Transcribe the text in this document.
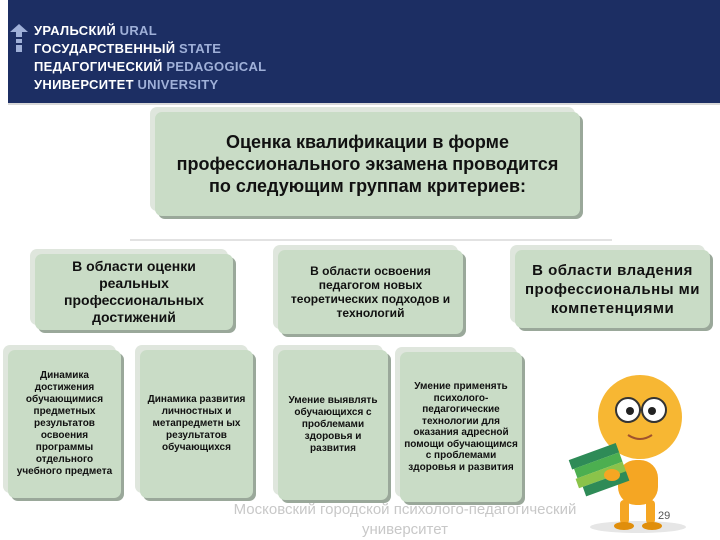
УРАЛЬСКИЙ URAL
ГОСУДАРСТВЕННЫЙ STATE
ПЕДАГОГИЧЕСКИЙ PEDAGOGICAL
УНИВЕРСИТЕТ UNIVERSITY
Оценка квалификации в форме профессионального экзамена проводится по следующим группам критериев:
В области оценки реальных профессиональных достижений
В области освоения педагогом новых теоретических подходов и технологий
В области владения профессиональны ми компетенциями
Динамика достижения обучающимися предметных результатов освоения программы отдельного учебного предмета
Динамика развития личностных и метапредметн ых результатов обучающихся
Умение выявлять обучающихся с проблемами здоровья и развития
Умение применять психолого-педагогические технологии для оказания адресной помощи обучающимся с проблемами здоровья и развития
Московский городской психолого-педагогический университет
29
